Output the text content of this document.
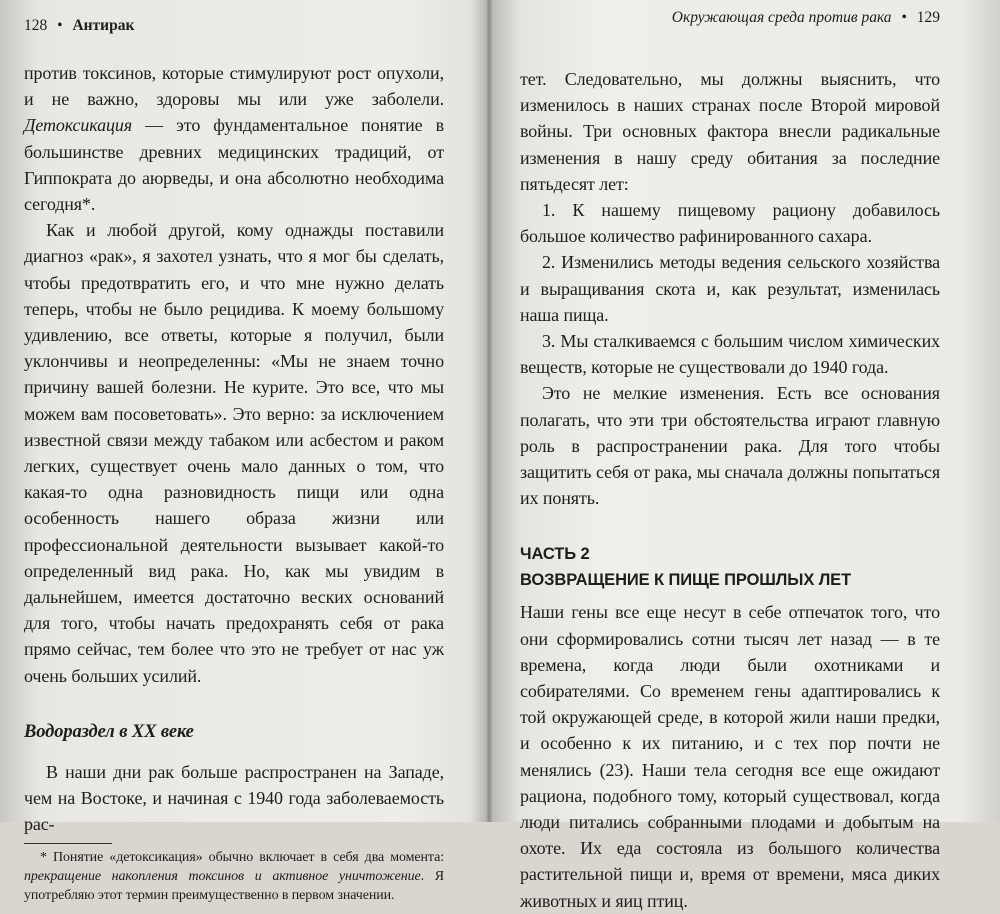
128 • Антирак

против токсинов, которые стимулируют рост опухоли, и не важно, здоровы мы или уже заболели. Детоксикация — это фундаментальное понятие в большинстве древних медицинских традиций, от Гиппократа до аюрведы, и она абсолютно необходима сегодня*.

Как и любой другой, кому однажды поставили диагноз «рак», я захотел узнать, что я мог бы сделать, чтобы предотвратить его, и что мне нужно делать теперь, чтобы не было рецидива. К моему большому удивлению, все ответы, которые я получил, были уклончивы и неопределенны: «Мы не знаем точно причину вашей болезни. Не курите. Это все, что мы можем вам посоветовать». Это верно: за исключением известной связи между табаком или асбестом и раком легких, существует очень мало данных о том, что какая-то одна разновидность пищи или одна особенность нашего образа жизни или профессиональной деятельности вызывает какой-то определенный вид рака. Но, как мы увидим в дальнейшем, имеется достаточно веских оснований для того, чтобы начать предохранять себя от рака прямо сейчас, тем более что это не требует от нас уж очень больших усилий.

Водораздел в XX веке

В наши дни рак больше распространен на Западе, чем на Востоке, и начиная с 1940 года заболеваемость рас-

* Понятие «детоксикация» обычно включает в себя два момента: прекращение накопления токсинов и активное уничтожение. Я употребляю этот термин преимущественно в первом значении.

Окружающая среда против рака • 129

тет. Следовательно, мы должны выяснить, что изменилось в наших странах после Второй мировой войны. Три основных фактора внесли радикальные изменения в нашу среду обитания за последние пятьдесят лет:

1. К нашему пищевому рациону добавилось большое количество рафинированного сахара.

2. Изменились методы ведения сельского хозяйства и выращивания скота и, как результат, изменилась наша пища.

3. Мы сталкиваемся с большим числом химических веществ, которые не существовали до 1940 года.

Это не мелкие изменения. Есть все основания полагать, что эти три обстоятельства играют главную роль в распространении рака. Для того чтобы защитить себя от рака, мы сначала должны попытаться их понять.

ЧАСТЬ 2
ВОЗВРАЩЕНИЕ К ПИЩЕ ПРОШЛЫХ ЛЕТ

Наши гены все еще несут в себе отпечаток того, что они сформировались сотни тысяч лет назад — в те времена, когда люди были охотниками и собирателями. Со временем гены адаптировались к той окружающей среде, в которой жили наши предки, и особенно к их питанию, и с тех пор почти не менялись (23). Наши тела сегодня все еще ожидают рациона, подобного тому, который существовал, когда люди питались собранными плодами и добытым на охоте. Их еда состояла из большого количества растительной пищи и, время от времени, мяса диких животных и яиц птиц.
